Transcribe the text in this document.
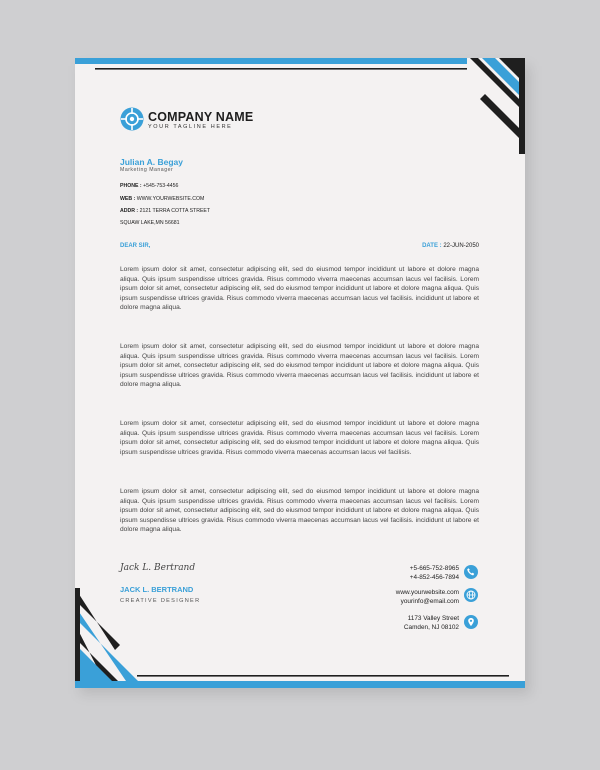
COMPANY NAME
YOUR TAGLINE HERE
Julian A. Begay
Marketing Manager
PHONE : +545-753-4456
WEB : WWW.YOURWEBSITE.COM
ADDR : 2121 TERRA COTTA STREET
SQUAW LAKE,MN 56681
DEAR SIR,	DATE : 22-JUN-2050

Lorem ipsum dolor sit amet, consectetur adipiscing elit, sed do eiusmod tempor incididunt ut labore et dolore magna aliqua. Quis ipsum suspendisse ultrices gravida. Risus commodo viverra maecenas accumsan lacus vel facilisis. Lorem ipsum dolor sit amet, consectetur adipiscing elit, sed do eiusmod tempor incididunt ut labore et dolore magna aliqua. Quis ipsum suspendisse ultrices gravida. Risus commodo viverra maecenas accumsan lacus vel facilisis. incididunt ut labore et dolore magna aliqua.

Lorem ipsum dolor sit amet, consectetur adipiscing elit, sed do eiusmod tempor incididunt ut labore et dolore magna aliqua. Quis ipsum suspendisse ultrices gravida. Risus commodo viverra maecenas accumsan lacus vel facilisis. Lorem ipsum dolor sit amet, consectetur adipiscing elit, sed do eiusmod tempor incididunt ut labore et dolore magna aliqua. Quis ipsum suspendisse ultrices gravida. Risus commodo viverra maecenas accumsan lacus vel facilisis. incididunt ut labore et dolore magna aliqua.

Lorem ipsum dolor sit amet, consectetur adipiscing elit, sed do eiusmod tempor incididunt ut labore et dolore magna aliqua. Quis ipsum suspendisse ultrices gravida. Risus commodo viverra maecenas accumsan lacus vel facilisis. Lorem ipsum dolor sit amet, consectetur adipiscing elit, sed do eiusmod tempor incididunt ut labore et dolore magna aliqua. Quis ipsum suspendisse ultrices gravida. Risus commodo viverra maecenas accumsan lacus vel facilisis.

Lorem ipsum dolor sit amet, consectetur adipiscing elit, sed do eiusmod tempor incididunt ut labore et dolore magna aliqua. Quis ipsum suspendisse ultrices gravida. Risus commodo viverra maecenas accumsan lacus vel facilisis. Lorem ipsum dolor sit amet, consectetur adipiscing elit, sed do eiusmod tempor incididunt ut labore et dolore magna aliqua. Quis ipsum suspendisse ultrices gravida. Risus commodo viverra maecenas accumsan lacus vel facilisis. incididunt ut labore et dolore magna aliqua.

Jack L. Bertrand
JACK L. BERTRAND
CREATIVE DESIGNER
+5-665-752-8965
+4-852-456-7894
www.yourwebsite.com
yourinfo@email.com
1173 Valley Street
Camden, NJ 08102
